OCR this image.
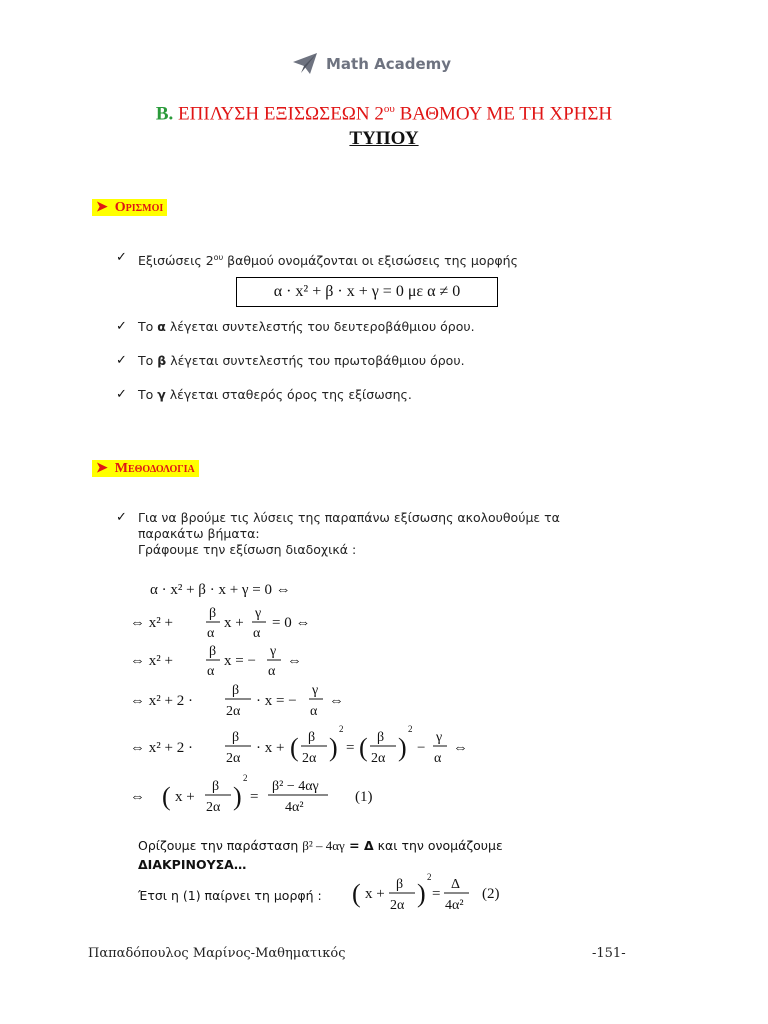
Math Academy
Β. ΕΠΙΛΥΣΗ ΕΞΙΣΩΣΕΩΝ $2^{o\upsilon}$ ΒΑΘΜΟΥ ΜΕ ΤΗ ΧΡΗΣΗ
ΤΥΠΟΥ
➤  Ορισμοι
✓ Εξισώσεις $2^{o\upsilon}$ βαθμού ονομάζονται οι εξισώσεις της μορφής
α · x² + β · x + γ = 0 με α ≠ 0
✓ Το α λέγεται συντελεστής του δευτεροβάθμιου όρου.
✓ Το β λέγεται συντελεστής του πρωτοβάθμιου όρου.
✓ Το γ λέγεται σταθερός όρος της εξίσωσης.
➤  Μεθοδολογια
✓ Για να βρούμε τις λύσεις της παραπάνω εξίσωσης ακολουθούμε τα
παρακάτω βήματα:
Γράφουμε την εξίσωση διαδοχικά :
α · x² + β · x + γ = 0 ⇔
⇔ x² +
β
α
x +
γ
α
= 0 ⇔
⇔ x² +
β
α
x = −
γ
α
⇔
⇔ x² + 2 ·
β
2α
· x = −
γ
α
⇔
⇔ x² + 2 ·
β
2α
· x + ( β
2α )
2
= ( β
2α )
2
−
γ
α
⇔
⇔ ( x +
β
2α )
2
=
β² − 4αγ
4α²
(1)
Ορίζουμε την παράσταση β² – 4αγ = Δ και την ονομάζουμε
ΔΙΑΚΡΙΝΟΥΣΑ…
Έτσι η (1) παίρνει τη μορφή : ( x +
β
2α )
2
=
Δ
4α²
(2)
Παπαδόπουλος Μαρίνος-Μαθηματικός	-151-
